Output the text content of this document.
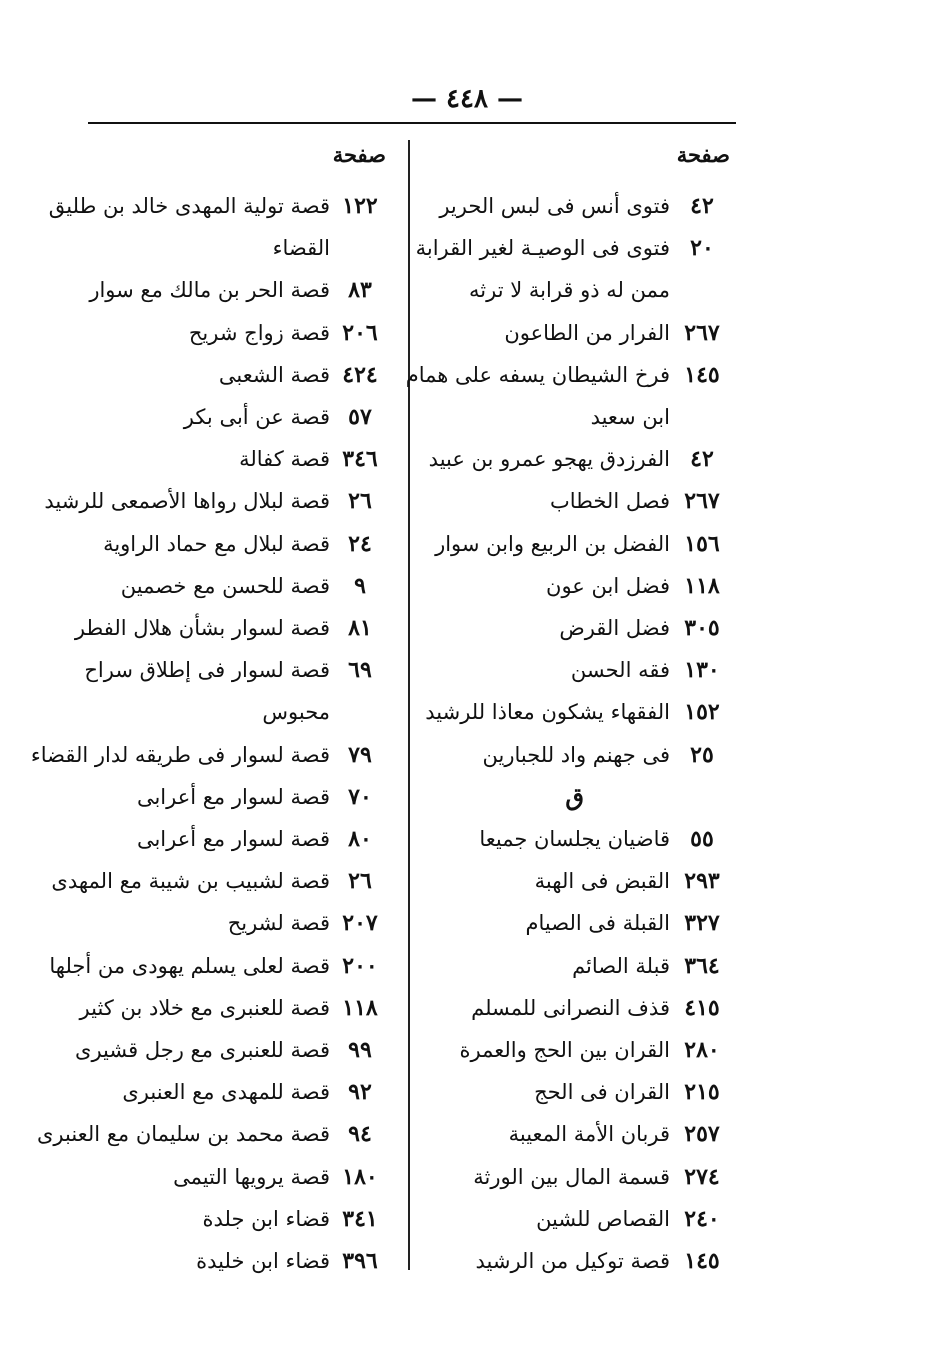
— ٤٤٨ —
صفحة
صفحة
٤٢
فتوى أنس فى لبس الحرير
٢٠
فتوى فى الوصيـة لغير القرابة
ممن له ذو قرابة لا ترثه
٢٦٧
الفرار من الطاعون
١٤٥
فرخ الشيطان يسفه على همام
ابن سعيد
٤٢
الفرزدق يهجو عمرو بن عبيد
٢٦٧
فصل الخطاب
١٥٦
الفضل بن الربيع وابن سوار
١١٨
فضل ابن عون
٣٠٥
فضل القرض
١٣٠
فقه الحسن
١٥٢
الفقهاء يشكون معاذا للرشيد
٢٥
فى جهنم واد للجبارين
ق
٥٥
قاضيان يجلسان جميعا
٢٩٣
القبض فى الهبة
٣٢٧
القبلة فى الصيام
٣٦٤
قبلة الصائم
٤١٥
قذف النصرانى للمسلم
٢٨٠
القران بين الحج والعمرة
٢١٥
القران فى الحج
٢٥٧
قربان الأمة المعيبة
٢٧٤
قسمة المال بين الورثة
٢٤٠
القصاص للشين
١٤٥
قصة توكيل من الرشيد
١٢٢
قصة تولية المهدى خالد بن طليق
القضاء
٨٣
قصة الحر بن مالك مع سوار
٢٠٦
قصة زواج شريح
٤٢٤
قصة الشعبى
٥٧
قصة عن أبى بكر
٣٤٦
قصة كفالة
٢٦
قصة لبلال رواها الأصمعى للرشيد
٢٤
قصة لبلال مع حماد الراوية
٩
قصة للحسن مع خصمين
٨١
قصة لسوار بشأن هلال الفطر
٦٩
قصة لسوار فى إطلاق سراح
محبوس
٧٩
قصة لسوار فى طريقه لدار القضاء
٧٠
قصة لسوار مع أعرابى
٨٠
قصة لسوار مع أعرابى
٢٦
قصة لشبيب بن شيبة مع المهدى
٢٠٧
قصة لشريح
٢٠٠
قصة لعلى يسلم يهودى من أجلها
١١٨
قصة للعنبرى مع خلاد بن كثير
٩٩
قصة للعنبرى مع رجل قشيرى
٩٢
قصة للمهدى مع العنبرى
٩٤
قصة محمد بن سليمان مع العنبرى
١٨٠
قصة يرويها التيمى
٣٤١
قضاء ابن جلدة
٣٩٦
قضاء ابن خليدة
